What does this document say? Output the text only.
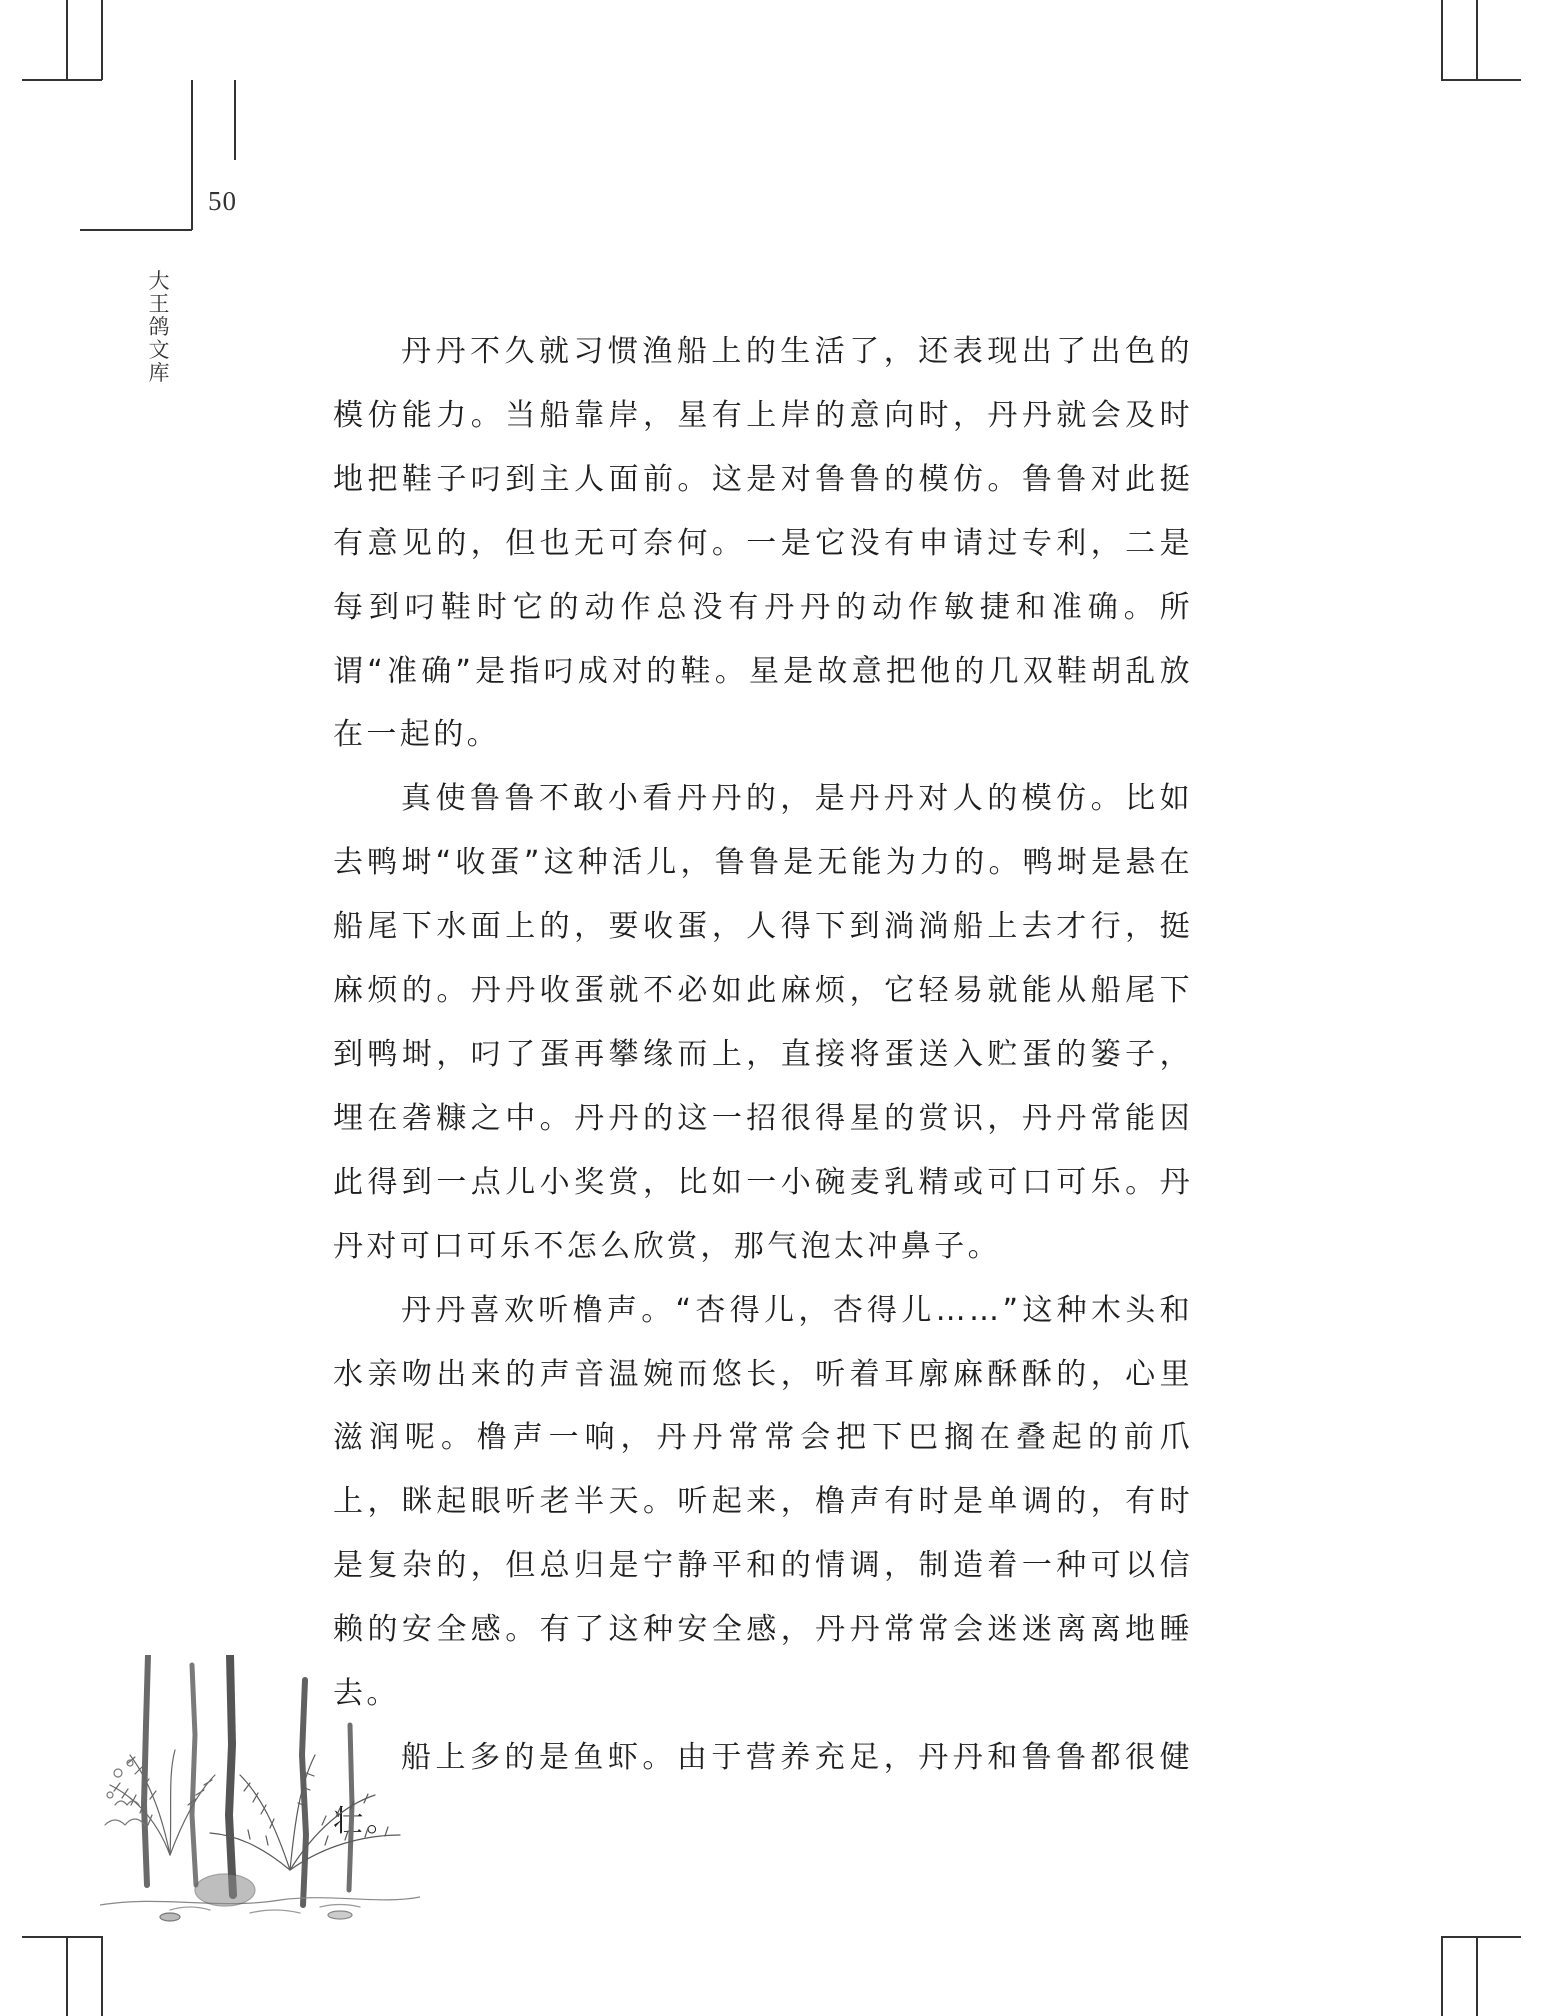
50
大王鸽文库

丹丹不久就习惯渔船上的生活了，还表现出了出色的模仿能力。当船靠岸，星有上岸的意向时，丹丹就会及时地把鞋子叼到主人面前。这是对鲁鲁的模仿。鲁鲁对此挺有意见的，但也无可奈何。一是它没有申请过专利，二是每到叼鞋时它的动作总没有丹丹的动作敏捷和准确。所谓“准确”是指叼成对的鞋。星是故意把他的几双鞋胡乱放在一起的。

真使鲁鲁不敢小看丹丹的，是丹丹对人的模仿。比如去鸭埘“收蛋”这种活儿，鲁鲁是无能为力的。鸭埘是悬在船尾下水面上的，要收蛋，人得下到淌淌船上去才行，挺麻烦的。丹丹收蛋就不必如此麻烦，它轻易就能从船尾下到鸭埘，叼了蛋再攀缘而上，直接将蛋送入贮蛋的篓子，埋在砻糠之中。丹丹的这一招很得星的赏识，丹丹常能因此得到一点儿小奖赏，比如一小碗麦乳精或可口可乐。丹丹对可口可乐不怎么欣赏，那气泡太冲鼻子。

丹丹喜欢听橹声。“杏得儿，杏得儿……”这种木头和水亲吻出来的声音温婉而悠长，听着耳廓麻酥酥的，心里滋润呢。橹声一响，丹丹常常会把下巴搁在叠起的前爪上，眯起眼听老半天。听起来，橹声有时是单调的，有时是复杂的，但总归是宁静平和的情调，制造着一种可以信赖的安全感。有了这种安全感，丹丹常常会迷迷离离地睡去。

船上多的是鱼虾。由于营养充足，丹丹和鲁鲁都很健壮。
